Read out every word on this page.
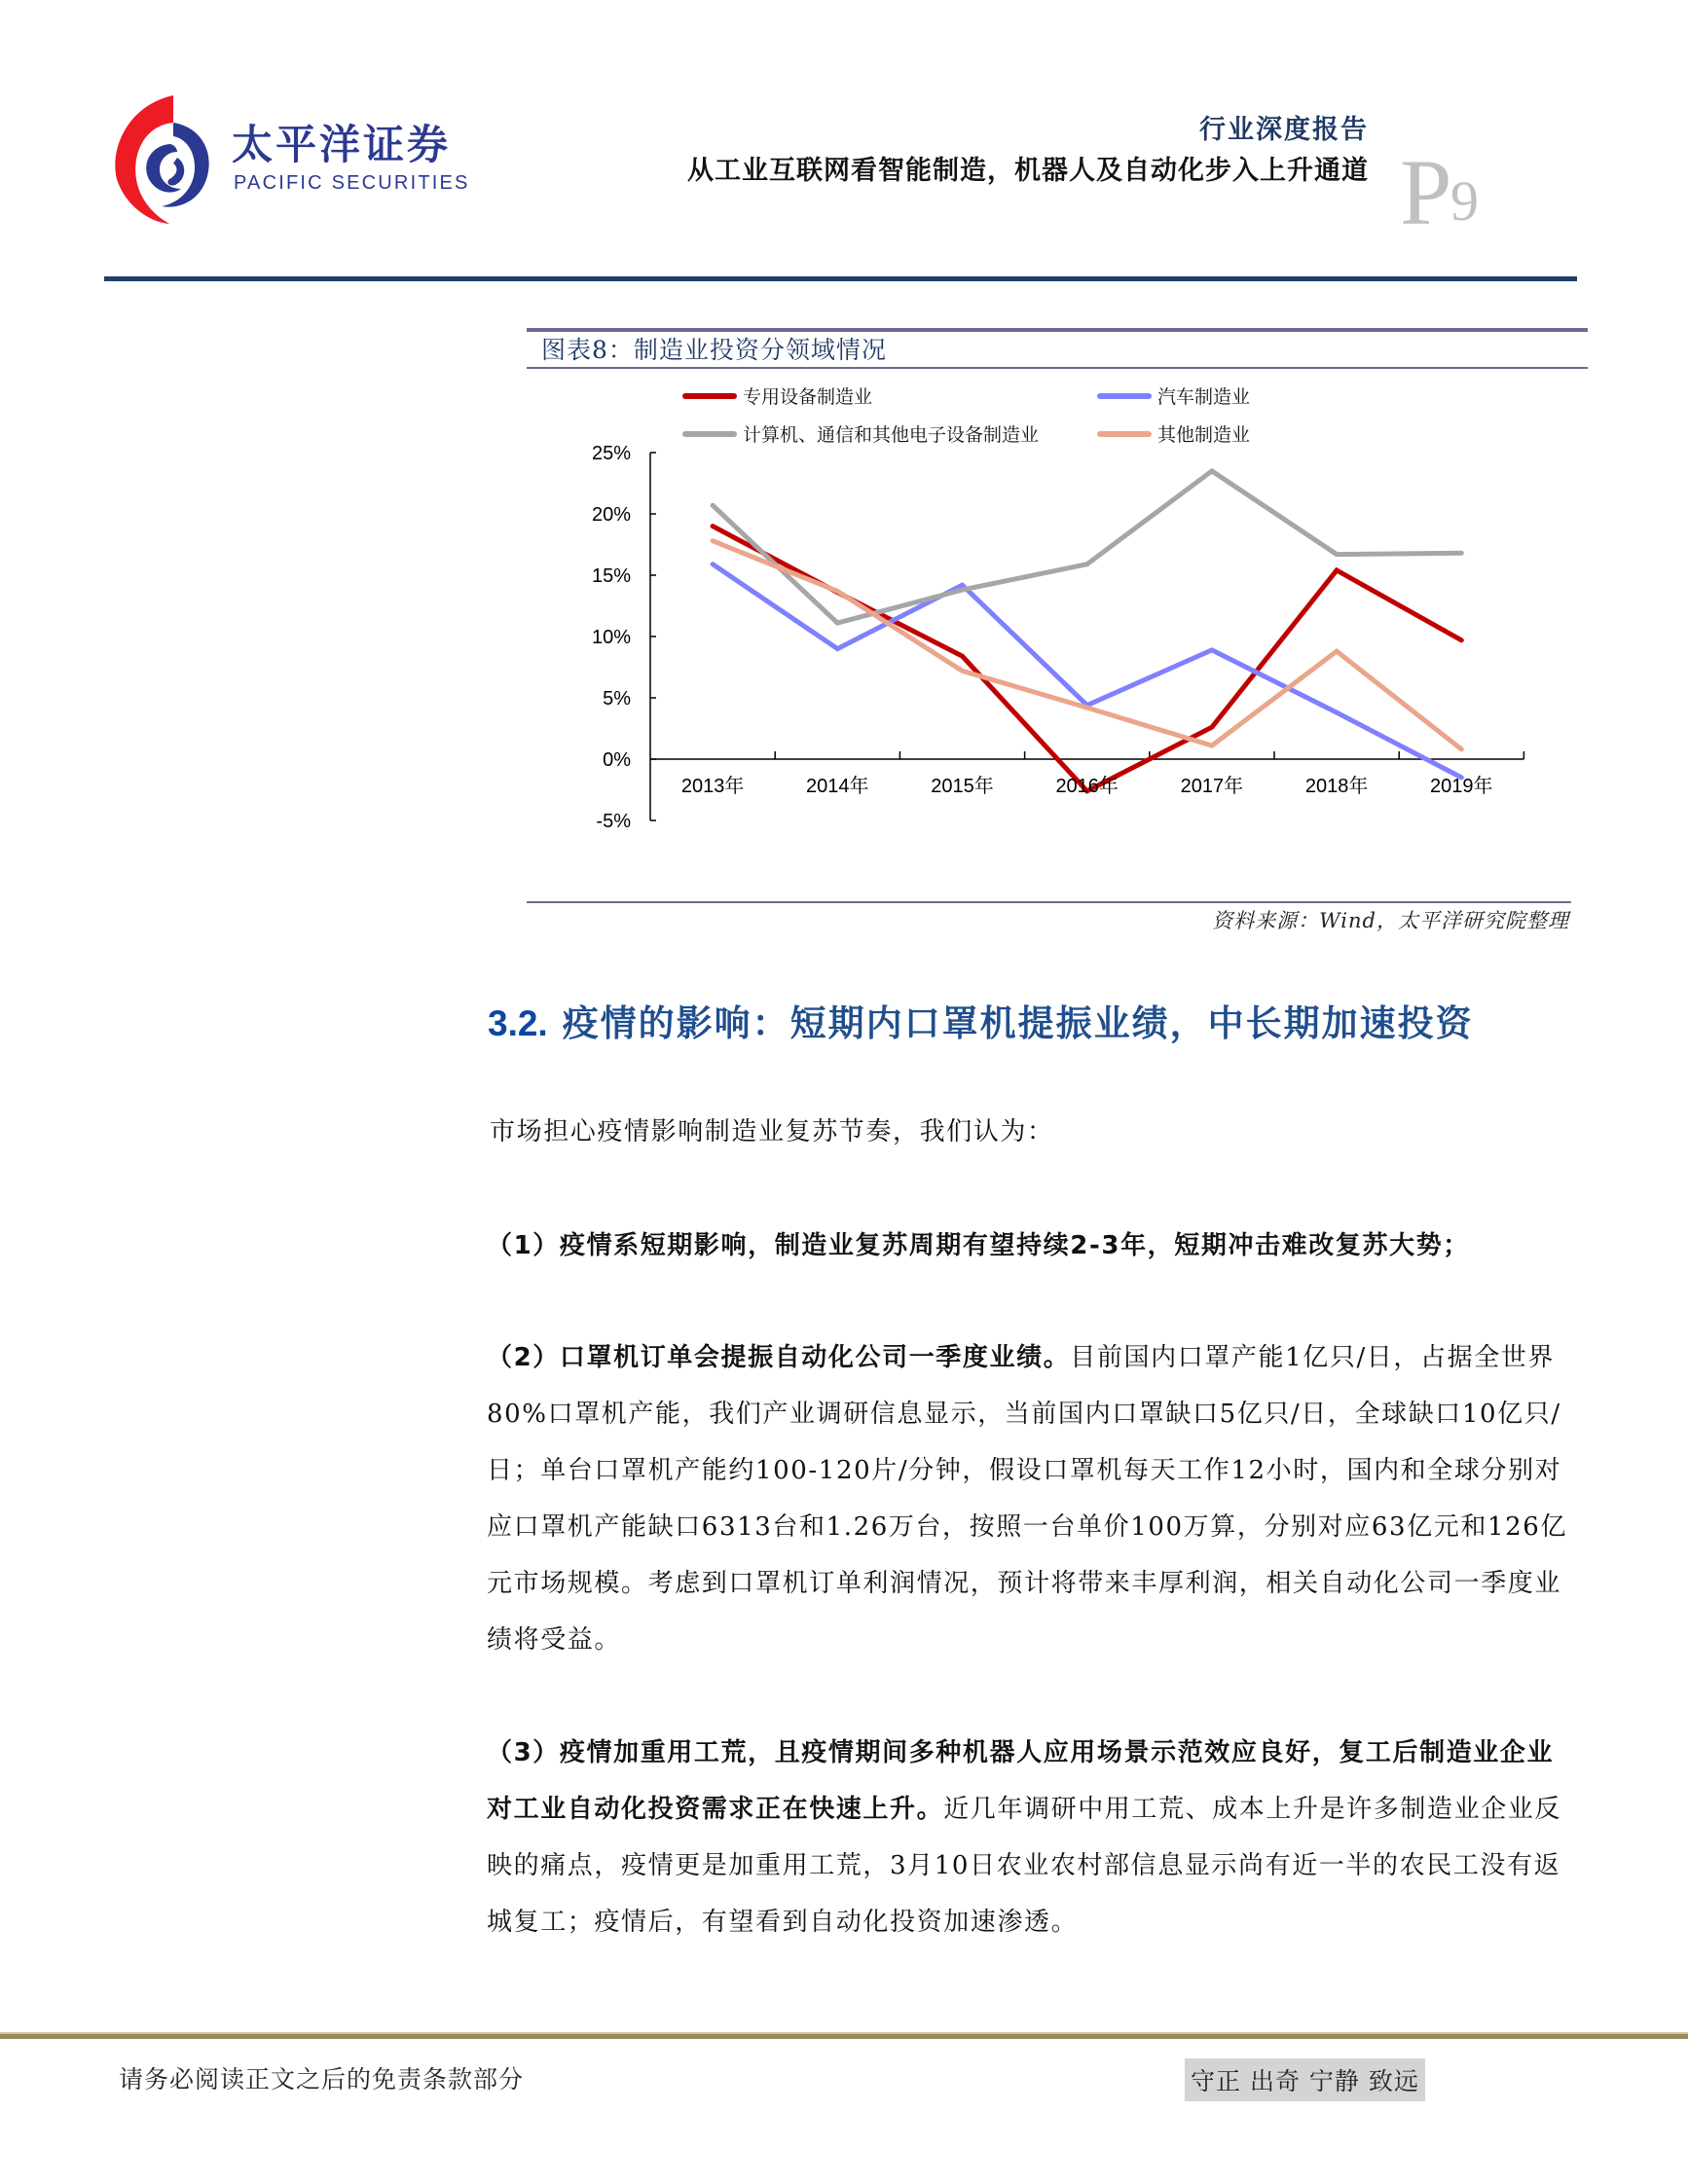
太平洋证券
PACIFIC SECURITIES
行业深度报告
从工业互联网看智能制造，机器人及自动化步入上升通道 P
9
图表8：制造业投资分领域情况
专用设备制造业	汽车制造业
计算机、通信和其他电子设备制造业	其他制造业
25%
20%
15%
10%
5%
0%
-5%
2013年	2014年	2015年	2016年	2017年	2018年	2019年
资料来源：Wind，太平洋研究院整理
3.2. 疫情的影响：短期内口罩机提振业绩，中长期加速投资
市场担心疫情影响制造业复苏节奏，我们认为：
（1）疫情系短期影响，制造业复苏周期有望持续2-3年，短期冲击难改复苏大势；
（2）口罩机订单会提振自动化公司一季度业绩。目前国内口罩产能1亿只/日，占据全世界80%口罩机产能，我们产业调研信息显示，当前国内口罩缺口5亿只/日，全球缺口10亿只/日；单台口罩机产能约100-120片/分钟，假设口罩机每天工作12小时，国内和全球分别对应口罩机产能缺口6313台和1.26万台，按照一台单价100万算，分别对应63亿元和126亿元市场规模。考虑到口罩机订单利润情况，预计将带来丰厚利润，相关自动化公司一季度业绩将受益。
（3）疫情加重用工荒，且疫情期间多种机器人应用场景示范效应良好，复工后制造业企业对工业自动化投资需求正在快速上升。近几年调研中用工荒、成本上升是许多制造业企业反映的痛点，疫情更是加重用工荒，3月10日农业农村部信息显示尚有近一半的农民工没有返城复工；疫情后，有望看到自动化投资加速渗透。
请务必阅读正文之后的免责条款部分	守正 出奇 宁静 致远
